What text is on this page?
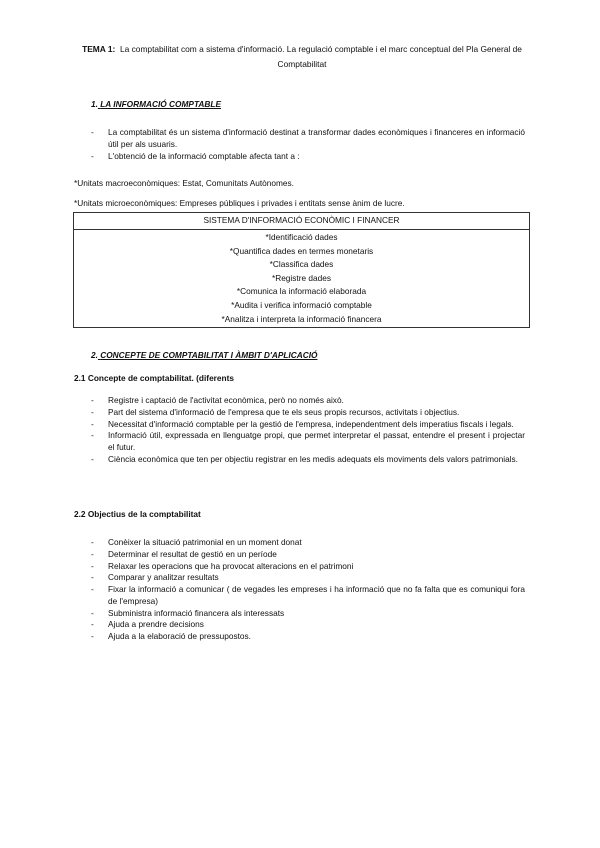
TEMA 1: La comptabilitat com a sistema d'informació. La regulació comptable i el marc conceptual del Pla General de Comptabilitat
1. LA INFORMACIÓ COMPTABLE
- La comptabilitat és un sistema d'informació destinat a transformar dades econòmiques i financeres en informació útil per als usuaris.
- L'obtenció de la informació comptable afecta tant a :
*Unitats macroeconòmiques: Estat, Comunitats Autònomes.
*Unitats microeconòmiques: Empreses públiques i privades i entitats sense ànim de lucre.
SISTEMA D'INFORMACIÓ ECONÒMIC I FINANCER

*Identificació dades
*Quantifica dades en termes monetaris
*Classifica dades
*Registre dades
*Comunica la informació elaborada
*Audita i verifica informació comptable
*Analitza i interpreta la informació financera
2. CONCEPTE DE COMPTABILITAT I ÀMBIT D'APLICACIÓ
2.1 Concepte de comptabilitat. (diferents
- Registre i captació de l'activitat econòmica, però no només això.
- Part del sistema d'informació de l'empresa que te els seus propis recursos, activitats i objectius.
- Necessitat d'informació comptable per la gestió de l'empresa, independentment dels imperatius fiscals i legals.
- Informació útil, expressada en llenguatge propi, que permet interpretar el passat, entendre el present i projectar el futur.
- Ciència econòmica que ten per objectiu registrar en les medis adequats els moviments dels valors patrimonials.
2.2 Objectius de la comptabilitat
- Conèixer la situació patrimonial en un moment donat
- Determinar el resultat de gestió en un període
- Relaxar les operacions que ha provocat alteracions en el patrimoni
- Comparar y analitzar resultats
- Fixar la informació a comunicar ( de vegades les empreses i ha informació que no fa falta que es comuniqui fora de l'empresa)
- Subministra informació financera als interessats
- Ajuda a prendre decisions
- Ajuda a la elaboració de pressupostos.
